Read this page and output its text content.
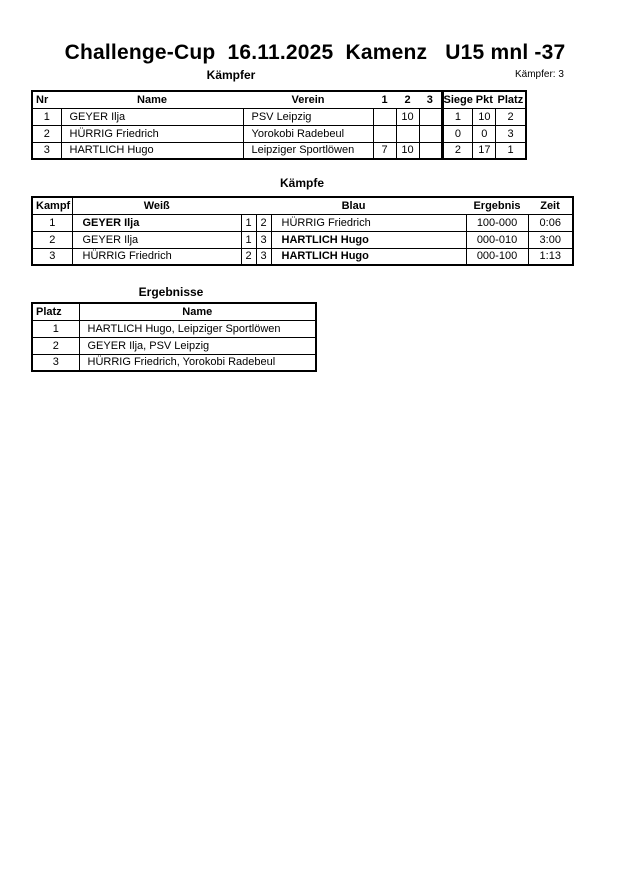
Challenge-Cup  16.11.2025  Kamenz   U15 mnl -37
Kämpfer: 3
Kämpfer
Nr	Name	Verein	1	2	3	Siege	Pkt	Platz
1	GEYER Ilja	PSV Leipzig		10		1	10	2
2	HÜRRIG Friedrich	Yorokobi Radebeul				0	0	3
3	HARTLICH Hugo	Leipziger Sportlöwen	7	10		2	17	1
Kämpfe
Kampf	Weiß	Blau			Ergebnis	Zeit
1	GEYER Ilja	1	2	HÜRRIG Friedrich	100-000	0:06
2	GEYER Ilja	1	3	HARTLICH Hugo	000-010	3:00
3	HÜRRIG Friedrich	2	3	HARTLICH Hugo	000-100	1:13
Ergebnisse
Platz	Name
1	HARTLICH Hugo, Leipziger Sportlöwen
2	GEYER Ilja, PSV Leipzig
3	HÜRRIG Friedrich, Yorokobi Radebeul
